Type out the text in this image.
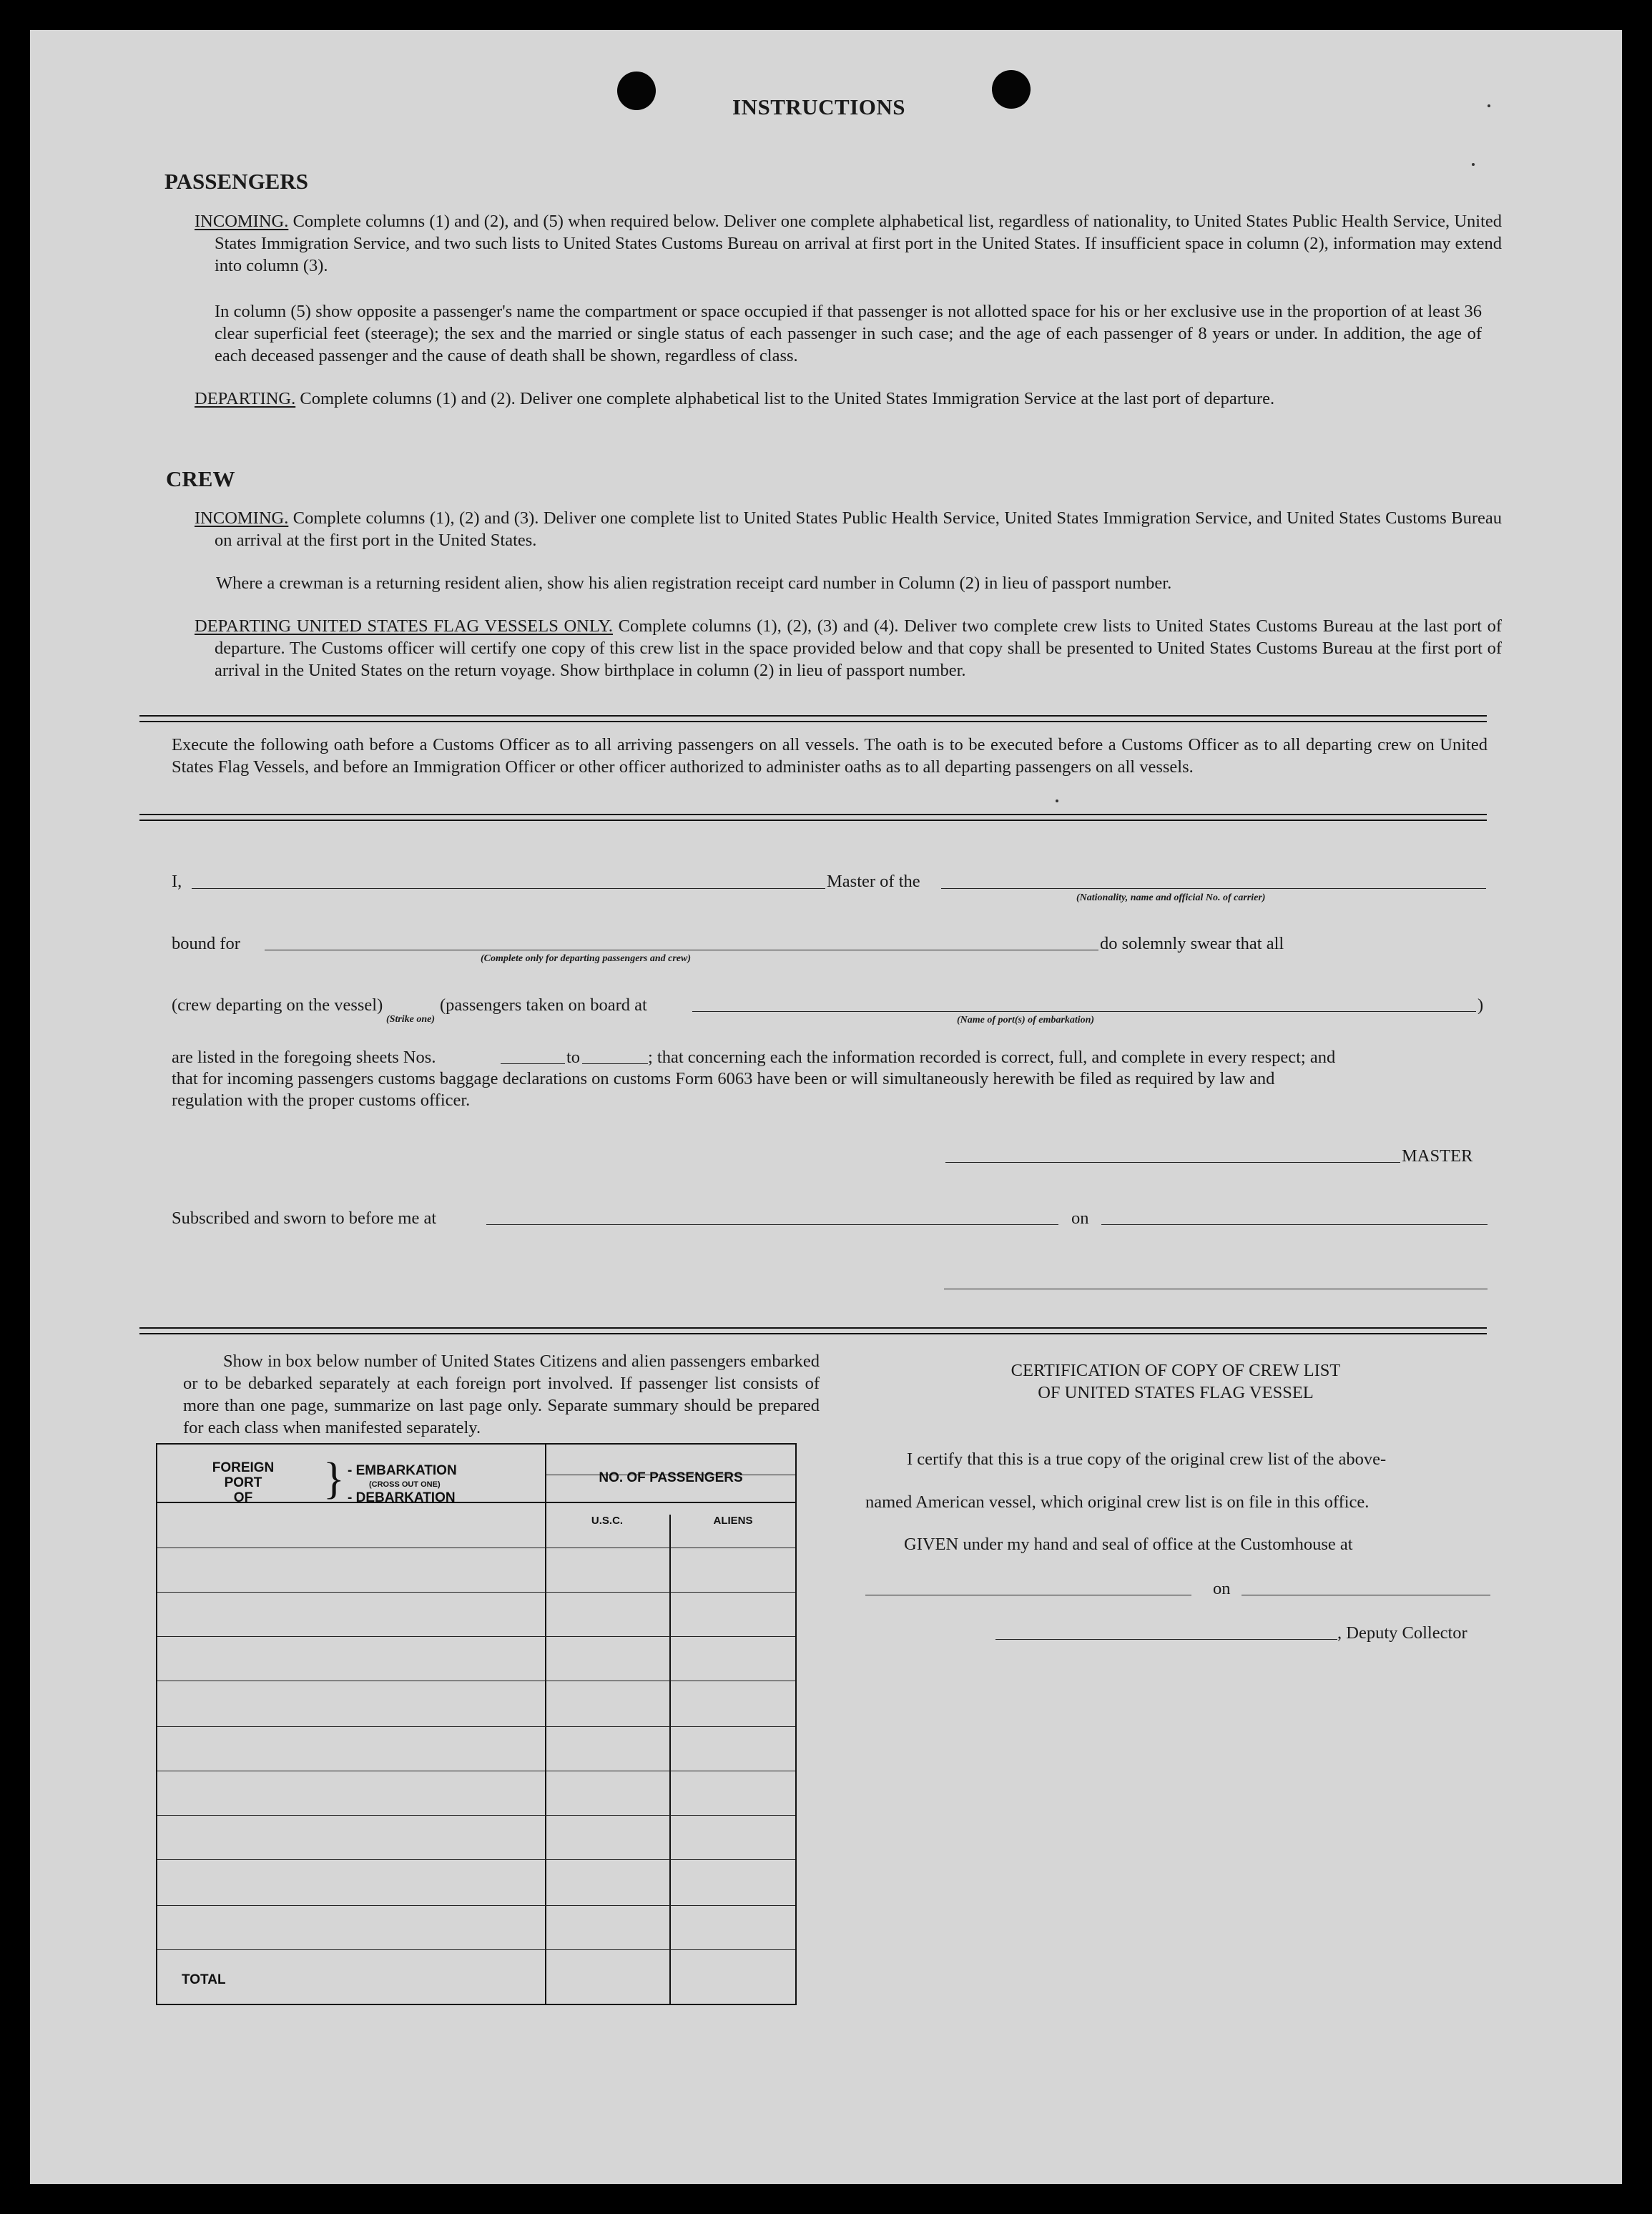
INSTRUCTIONS
PASSENGERS
INCOMING. Complete columns (1) and (2), and (5) when required below. Deliver one complete alphabetical list, regardless of nationality, to United States Public Health Service, United States Immigration Service, and two such lists to United States Customs Bureau on arrival at first port in the United States. If insufficient space in column (2), information may extend into column (3).
In column (5) show opposite a passenger's name the compartment or space occupied if that passenger is not allotted space for his or her exclusive use in the proportion of at least 36 clear superficial feet (steerage); the sex and the married or single status of each passenger in such case; and the age of each passenger of 8 years or under. In addition, the age of each deceased passenger and the cause of death shall be shown, regardless of class.
DEPARTING. Complete columns (1) and (2). Deliver one complete alphabetical list to the United States Immigration Service at the last port of departure.
CREW
INCOMING. Complete columns (1), (2) and (3). Deliver one complete list to United States Public Health Service, United States Immigration Service, and United States Customs Bureau on arrival at the first port in the United States.
Where a crewman is a returning resident alien, show his alien registration receipt card number in Column (2) in lieu of passport number.
DEPARTING UNITED STATES FLAG VESSELS ONLY. Complete columns (1), (2), (3) and (4). Deliver two complete crew lists to United States Customs Bureau at the last port of departure. The Customs officer will certify one copy of this crew list in the space provided below and that copy shall be presented to United States Customs Bureau at the first port of arrival in the United States on the return voyage. Show birthplace in column (2) in lieu of passport number.
Execute the following oath before a Customs Officer as to all arriving passengers on all vessels. The oath is to be executed before a Customs Officer as to all departing crew on United States Flag Vessels, and before an Immigration Officer or other officer authorized to administer oaths as to all departing passengers on all vessels.
I,	Master of the
(Nationality, name and official No. of carrier)
bound for
(Complete only for departing passengers and crew)
do solemnly swear that all
(crew departing on the vessel)
(Strike one)
(passengers taken on board at	)
(Name of port(s) of embarkation)
are listed in the foregoing sheets Nos.	to	; that concerning each the information recorded is correct, full, and complete in every respect; and
that for incoming passengers customs baggage declarations on customs Form 6063 have been or will simultaneously herewith be filed as required by law and
regulation with the proper customs officer.
MASTER
Subscribed and sworn to before me at	on
Show in box below number of United States Citizens and alien passengers embarked or to be debarked separately at each foreign port involved. If passenger list consists of more than one page, summarize on last page only. Separate summary should be prepared for each class when manifested separately.
FOREIGN
PORT
OF	} - EMBARKATION
(CROSS OUT ONE)
- DEBARKATION
NO. OF PASSENGERS
U.S.C.	ALIENS
TOTAL
CERTIFICATION OF COPY OF CREW LIST
OF UNITED STATES FLAG VESSEL
I certify that this is a true copy of the original crew list of the above-
named American vessel, which original crew list is on file in this office.
GIVEN under my hand and seal of office at the Customhouse at
on
, Deputy Collector
